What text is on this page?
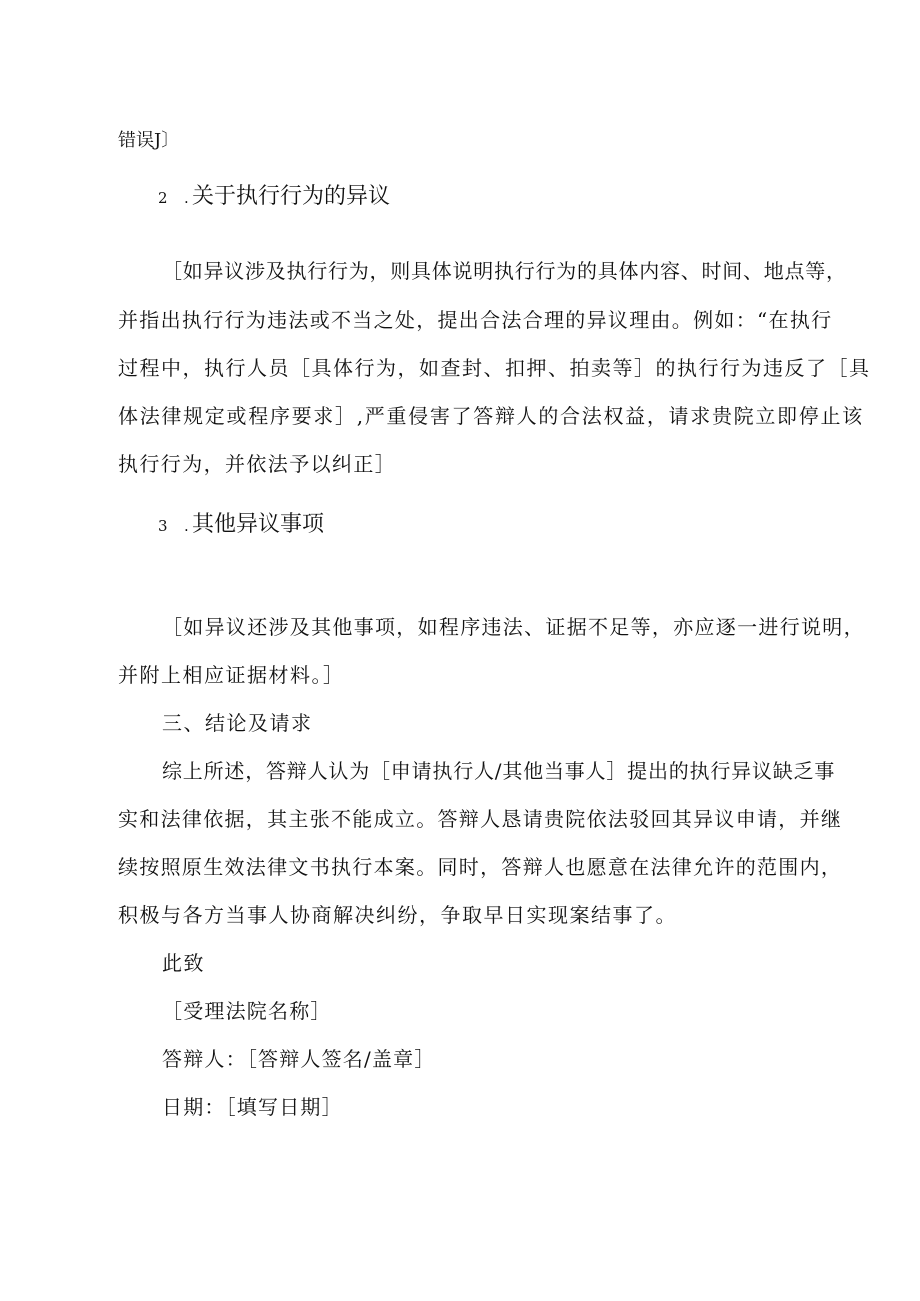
错误J〕
2 . 关于执行行为的异议
［如异议涉及执行行为，则具体说明执行行为的具体内容、时间、地点等，
并指出执行行为违法或不当之处，提出合法合理的异议理由。例如：“在执行
过程中，执行人员［具体行为，如查封、扣押、拍卖等］的执行行为违反了［具
体法律规定或程序要求］,严重侵害了答辩人的合法权益，请求贵院立即停止该
执行行为，并依法予以纠正］
3 . 其他异议事项
［如异议还涉及其他事项，如程序违法、证据不足等，亦应逐一进行说明，
并附上相应证据材料。］
三、结论及请求
综上所述，答辩人认为［申请执行人/其他当事人］提出的执行异议缺乏事
实和法律依据，其主张不能成立。答辩人恳请贵院依法驳回其异议申请，并继
续按照原生效法律文书执行本案。同时，答辩人也愿意在法律允许的范围内，
积极与各方当事人协商解决纠纷，争取早日实现案结事了。
此致
［受理法院名称］
答辩人：［答辩人签名/盖章］
日期：［填写日期］
